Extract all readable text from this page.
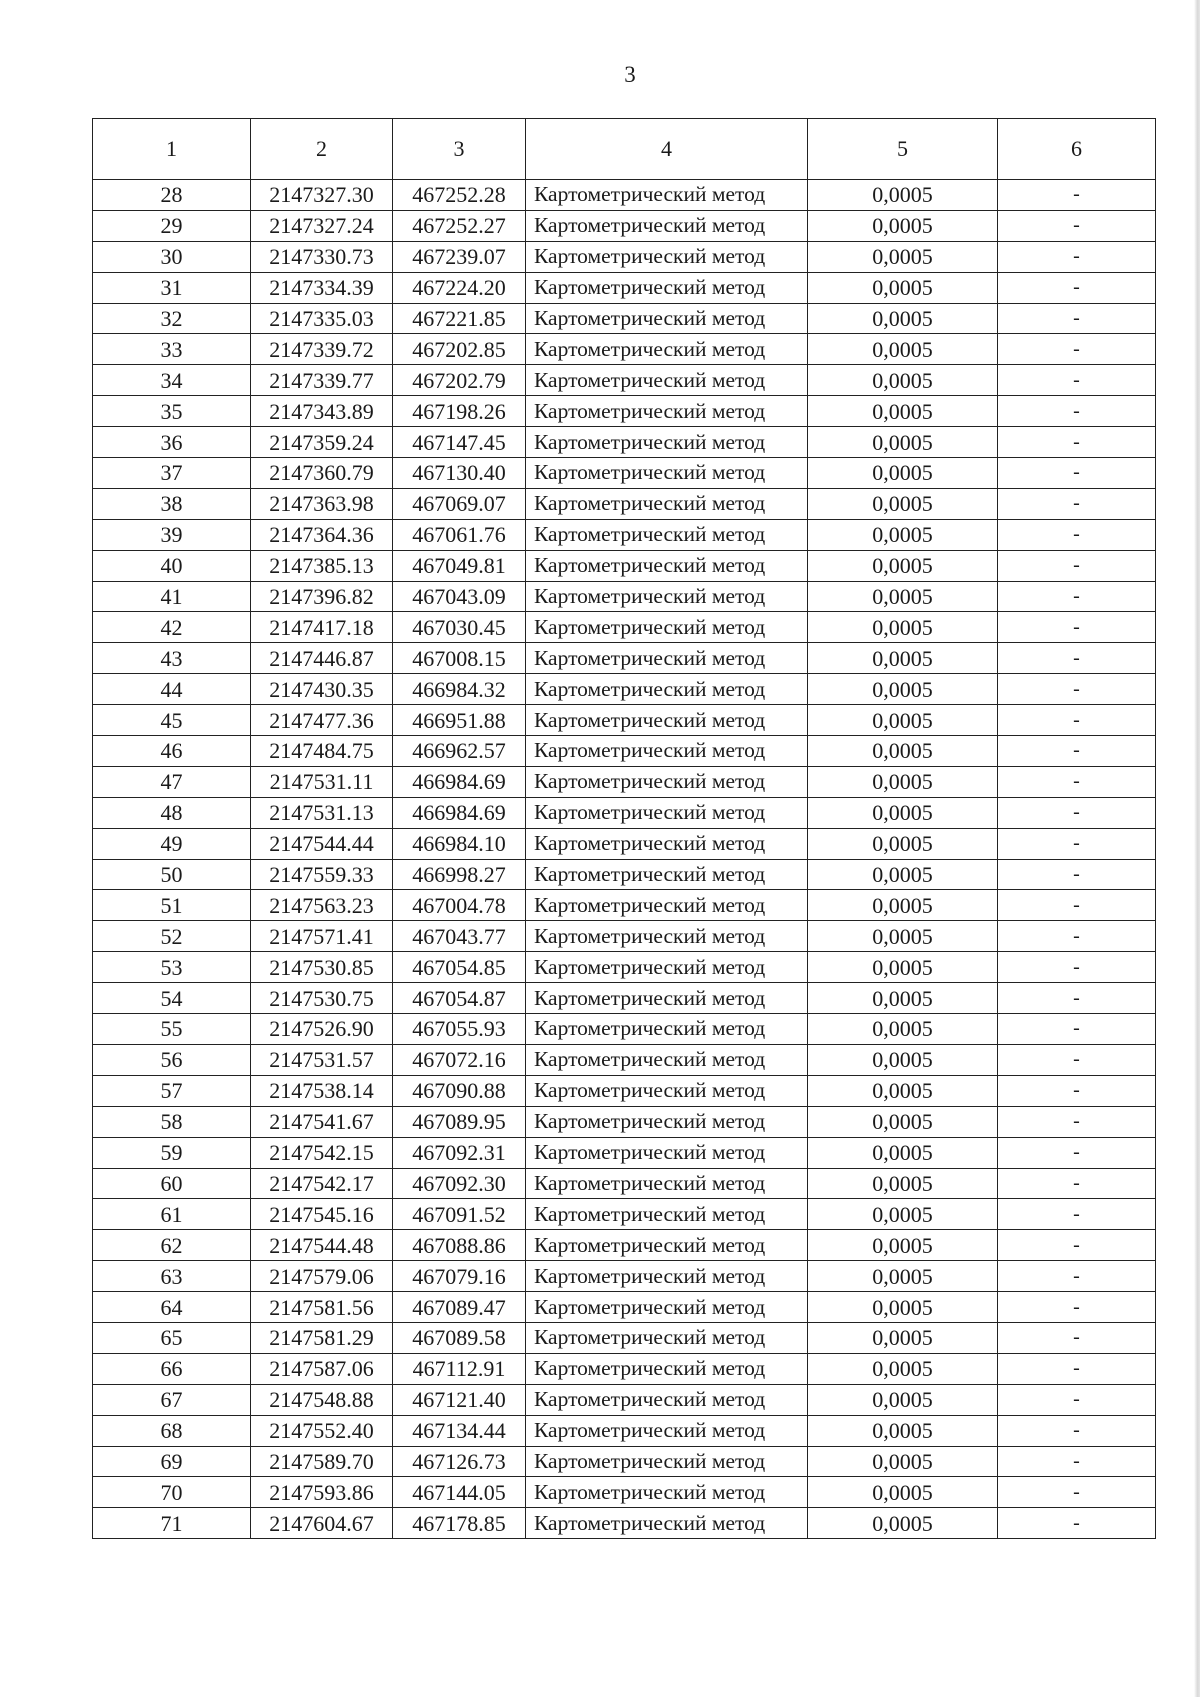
3
1	2	3	4	5	6
28	2147327.30	467252.28	Картометрический метод	0,0005	-
29	2147327.24	467252.27	Картометрический метод	0,0005	-
30	2147330.73	467239.07	Картометрический метод	0,0005	-
31	2147334.39	467224.20	Картометрический метод	0,0005	-
32	2147335.03	467221.85	Картометрический метод	0,0005	-
33	2147339.72	467202.85	Картометрический метод	0,0005	-
34	2147339.77	467202.79	Картометрический метод	0,0005	-
35	2147343.89	467198.26	Картометрический метод	0,0005	-
36	2147359.24	467147.45	Картометрический метод	0,0005	-
37	2147360.79	467130.40	Картометрический метод	0,0005	-
38	2147363.98	467069.07	Картометрический метод	0,0005	-
39	2147364.36	467061.76	Картометрический метод	0,0005	-
40	2147385.13	467049.81	Картометрический метод	0,0005	-
41	2147396.82	467043.09	Картометрический метод	0,0005	-
42	2147417.18	467030.45	Картометрический метод	0,0005	-
43	2147446.87	467008.15	Картометрический метод	0,0005	-
44	2147430.35	466984.32	Картометрический метод	0,0005	-
45	2147477.36	466951.88	Картометрический метод	0,0005	-
46	2147484.75	466962.57	Картометрический метод	0,0005	-
47	2147531.11	466984.69	Картометрический метод	0,0005	-
48	2147531.13	466984.69	Картометрический метод	0,0005	-
49	2147544.44	466984.10	Картометрический метод	0,0005	-
50	2147559.33	466998.27	Картометрический метод	0,0005	-
51	2147563.23	467004.78	Картометрический метод	0,0005	-
52	2147571.41	467043.77	Картометрический метод	0,0005	-
53	2147530.85	467054.85	Картометрический метод	0,0005	-
54	2147530.75	467054.87	Картометрический метод	0,0005	-
55	2147526.90	467055.93	Картометрический метод	0,0005	-
56	2147531.57	467072.16	Картометрический метод	0,0005	-
57	2147538.14	467090.88	Картометрический метод	0,0005	-
58	2147541.67	467089.95	Картометрический метод	0,0005	-
59	2147542.15	467092.31	Картометрический метод	0,0005	-
60	2147542.17	467092.30	Картометрический метод	0,0005	-
61	2147545.16	467091.52	Картометрический метод	0,0005	-
62	2147544.48	467088.86	Картометрический метод	0,0005	-
63	2147579.06	467079.16	Картометрический метод	0,0005	-
64	2147581.56	467089.47	Картометрический метод	0,0005	-
65	2147581.29	467089.58	Картометрический метод	0,0005	-
66	2147587.06	467112.91	Картометрический метод	0,0005	-
67	2147548.88	467121.40	Картометрический метод	0,0005	-
68	2147552.40	467134.44	Картометрический метод	0,0005	-
69	2147589.70	467126.73	Картометрический метод	0,0005	-
70	2147593.86	467144.05	Картометрический метод	0,0005	-
71	2147604.67	467178.85	Картометрический метод	0,0005	-
